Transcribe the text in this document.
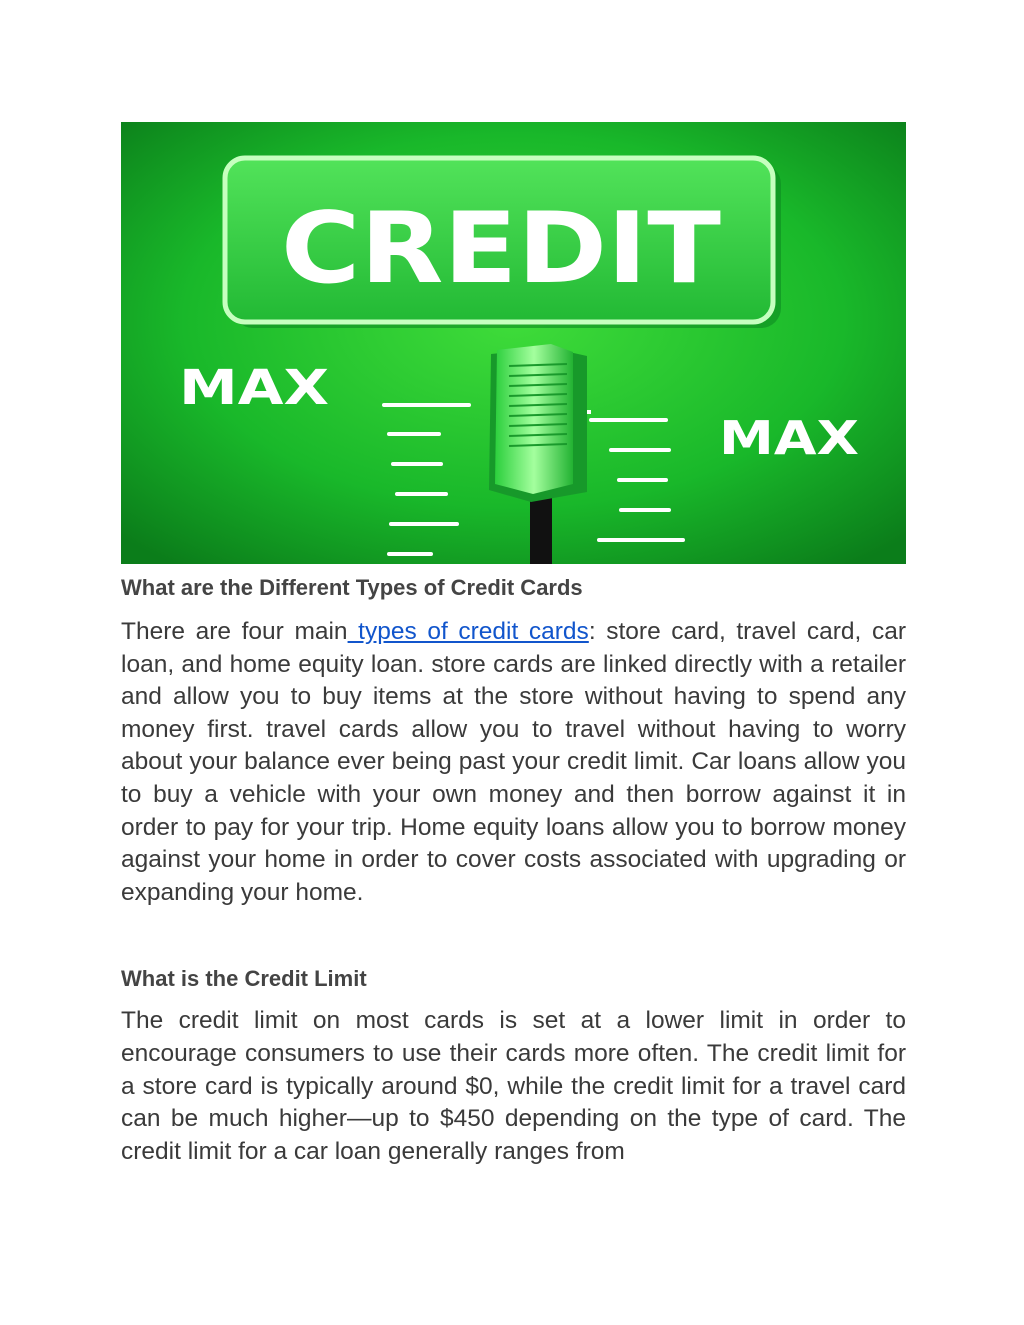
CREDIT
MAX
MAX
What are the Different Types of Credit Cards

There are four main types of credit cards: store card, travel card, car loan, and home equity loan. store cards are linked directly with a retailer and allow you to buy items at the store without having to spend any money first. travel cards allow you to travel without having to worry about your balance ever being past your credit limit. Car loans allow you to buy a vehicle with your own money and then borrow against it in order to pay for your trip. Home equity loans allow you to borrow money against your home in order to cover costs associated with upgrading or expanding your home.

What is the Credit Limit

The credit limit on most cards is set at a lower limit in order to encourage consumers to use their cards more often. The credit limit for a store card is typically around $0, while the credit limit for a travel card can be much higher—up to $450 depending on the type of card. The credit limit for a car loan generally ranges from
